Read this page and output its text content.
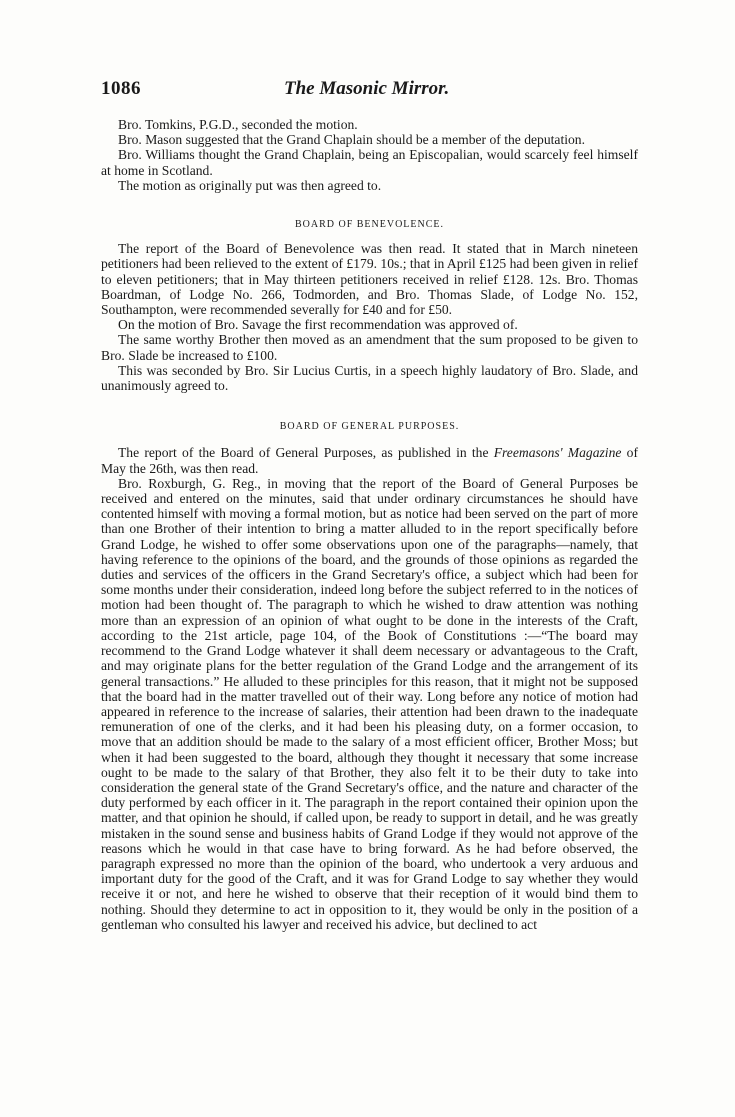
1086	The Masonic Mirror.

Bro. Tomkins, P.G.D., seconded the motion.

Bro. Mason suggested that the Grand Chaplain should be a member of the deputation.

Bro. Williams thought the Grand Chaplain, being an Episcopalian, would scarcely feel himself at home in Scotland.

The motion as originally put was then agreed to.

BOARD OF BENEVOLENCE.

The report of the Board of Benevolence was then read. It stated that in March nineteen petitioners had been relieved to the extent of £179. 10s.; that in April £125 had been given in relief to eleven petitioners; that in May thirteen petitioners received in relief £128. 12s. Bro. Thomas Boardman, of Lodge No. 266, Todmorden, and Bro. Thomas Slade, of Lodge No. 152, Southampton, were recommended severally for £40 and for £50.

On the motion of Bro. Savage the first recommendation was approved of.

The same worthy Brother then moved as an amendment that the sum proposed to be given to Bro. Slade be increased to £100.

This was seconded by Bro. Sir Lucius Curtis, in a speech highly laudatory of Bro. Slade, and unanimously agreed to.

BOARD OF GENERAL PURPOSES.

The report of the Board of General Purposes, as published in the Freemasons' Magazine of May the 26th, was then read.

Bro. Roxburgh, G. Reg., in moving that the report of the Board of General Purposes be received and entered on the minutes, said that under ordinary circumstances he should have contented himself with moving a formal motion, but as notice had been served on the part of more than one Brother of their intention to bring a matter alluded to in the report specifically before Grand Lodge, he wished to offer some observations upon one of the paragraphs—namely, that having reference to the opinions of the board, and the grounds of those opinions as regarded the duties and services of the officers in the Grand Secretary's office, a subject which had been for some months under their consideration, indeed long before the subject referred to in the notices of motion had been thought of. The paragraph to which he wished to draw attention was nothing more than an expression of an opinion of what ought to be done in the interests of the Craft, according to the 21st article, page 104, of the Book of Constitutions :—“The board may recommend to the Grand Lodge whatever it shall deem necessary or advantageous to the Craft, and may originate plans for the better regulation of the Grand Lodge and the arrangement of its general transactions.” He alluded to these principles for this reason, that it might not be supposed that the board had in the matter travelled out of their way. Long before any notice of motion had appeared in reference to the increase of salaries, their attention had been drawn to the inadequate remuneration of one of the clerks, and it had been his pleasing duty, on a former occasion, to move that an addition should be made to the salary of a most efficient officer, Brother Moss; but when it had been suggested to the board, although they thought it necessary that some increase ought to be made to the salary of that Brother, they also felt it to be their duty to take into consideration the general state of the Grand Secretary's office, and the nature and character of the duty performed by each officer in it. The paragraph in the report contained their opinion upon the matter, and that opinion he should, if called upon, be ready to support in detail, and he was greatly mistaken in the sound sense and business habits of Grand Lodge if they would not approve of the reasons which he would in that case have to bring forward. As he had before observed, the paragraph expressed no more than the opinion of the board, who undertook a very arduous and important duty for the good of the Craft, and it was for Grand Lodge to say whether they would receive it or not, and here he wished to observe that their reception of it would bind them to nothing. Should they determine to act in opposition to it, they would be only in the position of a gentleman who consulted his lawyer and received his advice, but declined to act
